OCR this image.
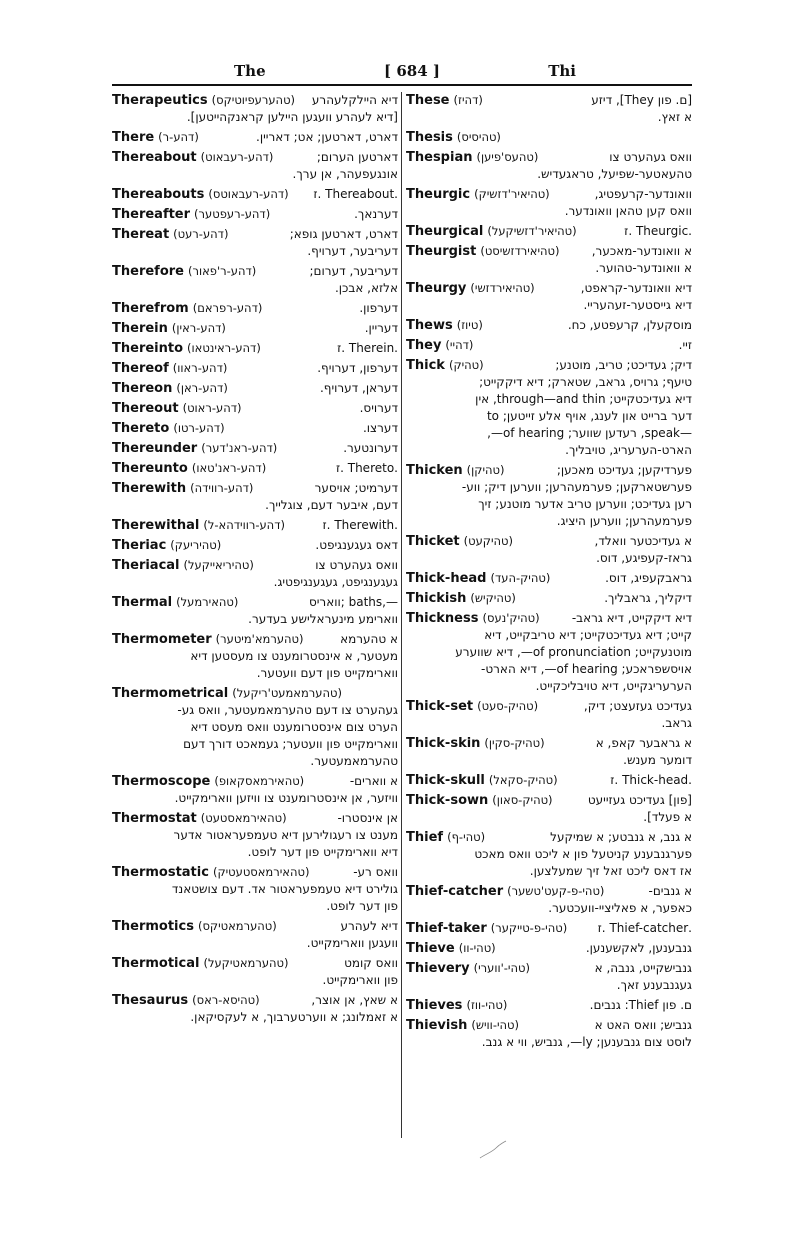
The	[ 684 ]	Thi
Therapeutics (טהערעפיוטיקס) דיא היילקלעהרע
[דיא לעהרע וועגען היילען קראנקהייטען].
There (דהע-ר)	דארט, דארטען; אט; דאריין.
Thereabout (דהע-רעבאוט)	דארטען הערום;
אונגעפעהר, אן ערך.
Thereabouts (דהע-רעבאוטס) .Thereabout .ז
Thereafter (דהע-רעפטער)	דערנאך.
Thereat (דהע-רעט)	דארט, דארטען גופא;
דעריבער, דערויף.
Therefore (דהע-ר'פאור)	דעריבער, דערום;
אלזא, אבכן.
Therefrom (דהע-רפראם)	דערפון.
Therein (דהע-ראין)	דעריין.
Thereinto (דהע-ראינטאו)	.Therein .ז
Thereof (דהע-ראוו)	דערפון, דערויף.
Thereon (דהע-ראן)	דעראן, דערויף.
Thereout (דהע-ראוט)	דערויס.
Thereto (דהע-רטו)	דערצו.
Thereunder (דהע-ראנ'דער)	דערונטער.
Thereunto (דהע-ראנ'טאו)	.Thereto .ז
Therewith (דהע-רווידה)	דערמיט; אויסער
דעם, איבער דעם, צוגלייך.
Therewithal (דהע-רווידהא-ל)	.Therewith .ז
Theriac (טהיריעק)	דאס געגענגיפט.
Theriacal (טהיריאייקעל)	וואס געהערט צו
געגענגיפט, געגענגיפטיג.
Thermal (טהאירמעל)	—,baths ;וואריס
ווארימע מינעראלישע בעדער.
Thermometer (טהערמא'מיטער)	א טהערמא
מעטער, א אינסטרומענט צו מעסטען דיא
ווארימקייט פון דעם וועטער.
Thermometrical (טהערמאמעט'ריקעל)
געהערט צו דעם טהערמאמעטער, וואס גע-
הערט צום אינסטרומענט וואס מעסט דיא
ווארימקייט פון וועטער; געמאכט דורך דעם
טהערמאמעטער.
Thermoscope (טהאירמאסקאופ)	א ווארים-
וויזער, אן אינסטרומענט צו וויזען ווארימקייט.
Thermostat (טהאירמאסטעט)	אן אינסטרו-
מענט צו רעגולירען דיא טעמפעראטור אדער
דיא ווארימקייט פון דער לופט.
Thermostatic (טהאירמאסטעטיק)	וואס רע-
גולירט דיא טעמפעראטור אד. דעם צושטאנד
פון דער לופט.
Thermotics (טהערמאטיקס)	דיא לעהרע
וועגען ווארימקייט.
Thermotical (טהערמאטיקעל)	וואס קומט
פון ווארימקייט.
Thesaurus (טהיסא-ראס)	א שאץ, אן אוצר,
א זאמלונג; א ווערטערבוך, א לעקסיקאן.
These (דהיז)	[ם. פון They], דיזע
א זאץ.
Thesis (טהיסיס)
Thespian (טהעס'פיען)	וואס געהערט צו
טהעאטער-שפיעל, טראגעדיש.
Theurgic (טהיאיר'דזשיק)	וואונדער-קרעפטיג,
וואס קען טהאן וואונדער.
Theurgical (טהיאיר'דזשיקעל)	.Theurgic .ז
Theurgist (טהיאירדזשיסט)	א וואונדער-מאכער,
א וואונדער-טהוער.
Theurgy (טהיאירדזשי)	דיא וואונדער-קראפט,
דיא גייסטער-זעהעריי.
Thews (טיוז)	מוסקעלן, קרעפטע, כח.
They (דהיי)	זיי.
Thick (טהיק)	דיק; געדיכט; טריב, מוטנע;
טיעף; גרויס, גראב, שטארק; דיא דיקקייט;
דיא געדיכטקייט; through—and thin, אין
דער ברייט און לענג, אויף אלע זייטען; to
—speak, רעדען שווער; of hearing—,
הארט-הערעריג, טויבליך.
Thicken (טהיקן)	פערדיקען; געדיכט מאכען;
פערשטארקען; פערמעהרען; ווערען דיק; ווע-
רען געדיכט; ווערען טריב אדער מוטנע; זיך
פערמעהרען; ווערען היציג.
Thicket (טהיקעט)	א געדיכטער וואלד,
גראז-קעפיגע, דוס.
Thick-head (טהיק-העד)	גראבקעפיג, דוס.
Thickish (טהיקיש)	דיקליך, גראבליך.
Thickness (טהיק'נעס)	דיא דיקקייט, דיא גראב-
קייט; דיא געדיכטקייט; דיא טריבקייט, דיא
מוטנעקייט; of pronunciation—, דיא שווערע
אויסשפראכע; of hearing—, דיא הארט-
הערעריגקייט, דיא טויבליכקייט.
Thick-set (טהיק-סעט)	געדיכט געזעצט; דיק,
גראב.
Thick-skin (טהיק-סקין)	א גראבער קאפ, א
דומער מענש.
Thick-skull (טהיק-סקאל)	.Thick-head .ז
Thick-sown (טהיק-סאון)	[פון] געדיכט געזייעט
א פעלד].
Thief (טהי-ף)	א גנב, א גנבטע; א שמיקעל
פערגנבענע קניטעל פון א ליכט וואס מאכט
אז דאס ליכט זאל זיך שמעלצען.
Thief-catcher (טהי-פ-קעט'טשער)	א גנבים-
כאפער, א פאליציי-וועכטער.
Thief-taker (טהי-פ-טייקער)	.Thief-catcher .ז
Thieve (טהי-וו)	גנבענען, לאקשענען.
Thievery (טהי-'ווערי)	גנבישקייט, גנבה, א
געגנבענע זאך.
Thieves (טהי-ווז)	ם. פון Thief: גנבים.
Thievish (טהי-וויש)	גנביש; וואס האט א
לוסט צום גנבענען; ly—, גנביש, ווי א גנב.
